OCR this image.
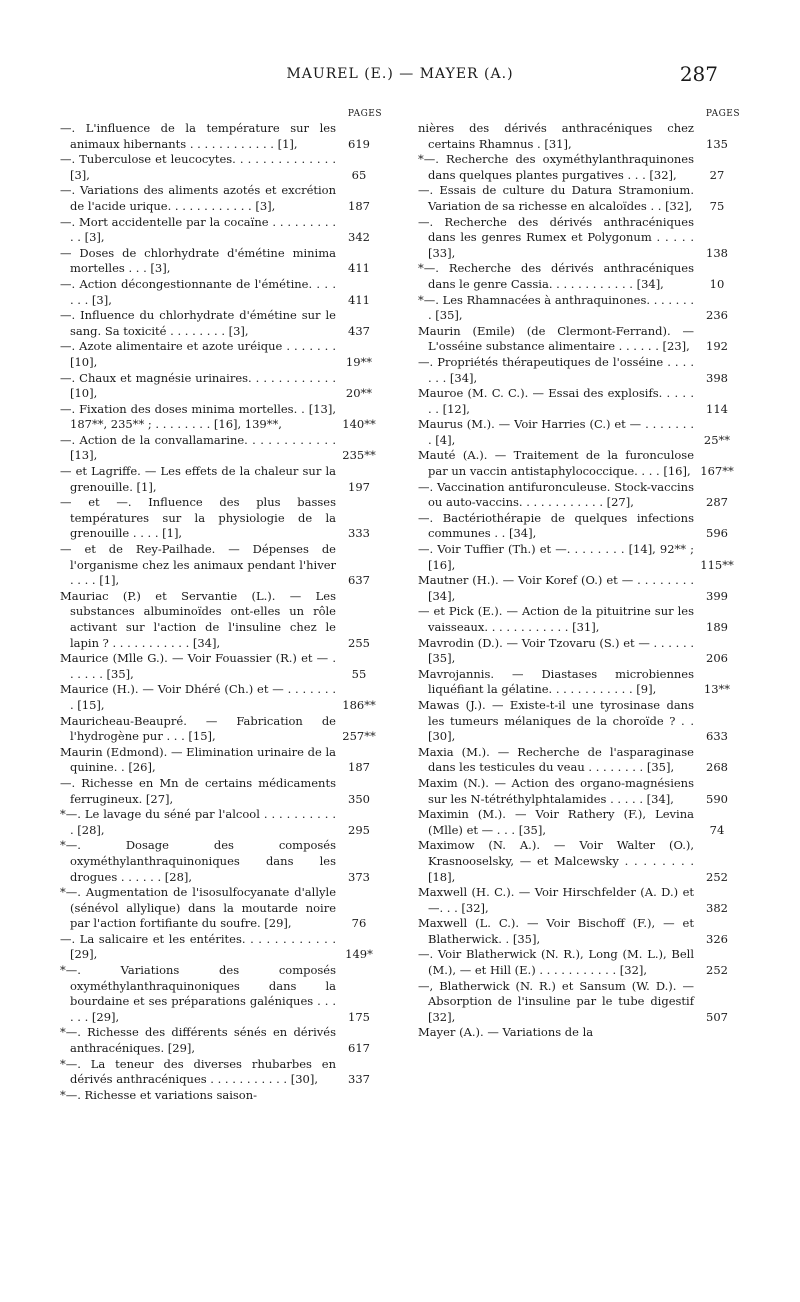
MAUREL (E.) — MAYER (A.)	287
PAGES
—. L'influence de la température sur les animaux hibernants . . . . . . . . . . . . [1],	619
—. Tuberculose et leucocytes. . . . . . . . . . . . . . [3],	65
—. Variations des aliments azotés et excrétion de l'acide urique. . . . . . . . . . . . [3],	187
—. Mort accidentelle par la cocaïne . . . . . . . . . . . [3],	342
— Doses de chlorhydrate d'émétine minima mortelles . . . [3],	411
—. Action décongestionnante de l'émétine. . . . . . . [3],	411
—. Influence du chlorhydrate d'émétine sur le sang. Sa toxicité . . . . . . . . [3],	437
—. Azote alimentaire et azote uréique . . . . . . . [10],	19**
—. Chaux et magnésie urinaires. . . . . . . . . . . . [10],	20**
—. Fixation des doses minima mortelles. . [13], 187**, 235** ; . . . . . . . . [16], 139**,	140**
—. Action de la convallamarine. . . . . . . . . . . . [13],	235**
— et Lagriffe. — Les effets de la chaleur sur la grenouille. [1],	197
— et —. Influence des plus basses températures sur la physiologie de la grenouille . . . . [1],	333
— et de Rey-Pailhade. — Dépenses de l'organisme chez les animaux pendant l'hiver . . . . [1],	637
Mauriac (P.) et Servantie (L.). — Les substances albuminoïdes ont-elles un rôle activant sur l'action de l'insuline chez le lapin ? . . . . . . . . . . . [34],	255
Maurice (Mlle G.). — Voir Fouassier (R.) et — . . . . . . [35],	55
Maurice (H.). — Voir Dhéré (Ch.) et — . . . . . . . . [15],	186**
Mauricheau-Beaupré. — Fabrication de l'hydrogène pur . . . [15],	257**
Maurin (Edmond). — Elimination urinaire de la quinine. . [26],	187
—. Richesse en Mn de certains médicaments ferrugineux. [27],	350
*—. Le lavage du séné par l'alcool . . . . . . . . . . . [28],	295
*—. Dosage des composés oxyméthylanthraquinoniques dans les drogues . . . . . . [28],	373
*—. Augmentation de l'isosulfocyanate d'allyle (sénévol allylique) dans la moutarde noire par l'action fortifiante du soufre. [29],	76
—. La salicaire et les entérites. . . . . . . . . . . . [29],	149*
*—. Variations des composés oxyméthylanthraquinoniques dans la bourdaine et ses préparations galéniques . . . . . . [29],	175
*—. Richesse des différents sénés en dérivés anthracéniques. [29],	617
*—. La teneur des diverses rhubarbes en dérivés anthracéniques . . . . . . . . . . . [30],	337
*—. Richesse et variations saison-
PAGES
nières des dérivés anthracéniques chez certains Rhamnus . [31],	135
*—. Recherche des oxyméthylanthraquinones dans quelques plantes purgatives . . . [32],	27
—. Essais de culture du Datura Stramonium. Variation de sa richesse en alcaloïdes . . [32],	75
—. Recherche des dérivés anthracéniques dans les genres Rumex et Polygonum . . . . . [33],	138
*—. Recherche des dérivés anthracéniques dans le genre Cassia. . . . . . . . . . . . [34],	10
*—. Les Rhamnacées à anthraquinones. . . . . . . . [35],	236
Maurin (Emile) (de Clermont-Ferrand). — L'osséine substance alimentaire . . . . . . [23],	192
—. Propriétés thérapeutiques de l'osséine . . . . . . . [34],	398
Mauroe (M. C. C.). — Essai des explosifs. . . . . . . [12],	114
Maurus (M.). — Voir Harries (C.) et — . . . . . . . . [4],	25**
Mauté (A.). — Traitement de la furonculose par un vaccin antistaphylococcique. . . . [16], 167**
—. Vaccination antifuronculeuse. Stock-vaccins ou auto-vaccins. . . . . . . . . . . . [27],	287
—. Bactériothérapie de quelques infections communes . . [34],	596
—. Voir Tuffier (Th.) et —. . . . . . . . [14], 92** ; [16],	115**
Mautner (H.). — Voir Koref (O.) et — . . . . . . . . [34],	399
— et Pick (E.). — Action de la pituitrine sur les vaisseaux. . . . . . . . . . . . [31],	189
Mavrodin (D.). — Voir Tzovaru (S.) et — . . . . . . [35],	206
Mavrojannis. — Diastases microbiennes liquéfiant la gélatine. . . . . . . . . . . . [9],	13**
Mawas (J.). — Existe-t-il une tyrosinase dans les tumeurs mélaniques de la choroïde ? . . [30],	633
Maxia (M.). — Recherche de l'asparaginase dans les testicules du veau . . . . . . . . [35],	268
Maxim (N.). — Action des organo-magnésiens sur les N-tétréthylphtalamides . . . . . [34],	590
Maximin (M.). — Voir Rathery (F.), Levina (Mlle) et — . . . [35],	74
Maximow (N. A.). — Voir Walter (O.), Krasnooselsky, — et Malcewsky . . . . . . . . [18],	252
Maxwell (H. C.). — Voir Hirschfelder (A. D.) et —. . . [32],	382
Maxwell (L. C.). — Voir Bischoff (F.), — et Blatherwick. . [35],	326
—. Voir Blatherwick (N. R.), Long (M. L.), Bell (M.), — et Hill (E.) . . . . . . . . . . . [32],	252
—, Blatherwick (N. R.) et Sansum (W. D.). — Absorption de l'insuline par le tube digestif [32],	507
Mayer (A.). — Variations de la
